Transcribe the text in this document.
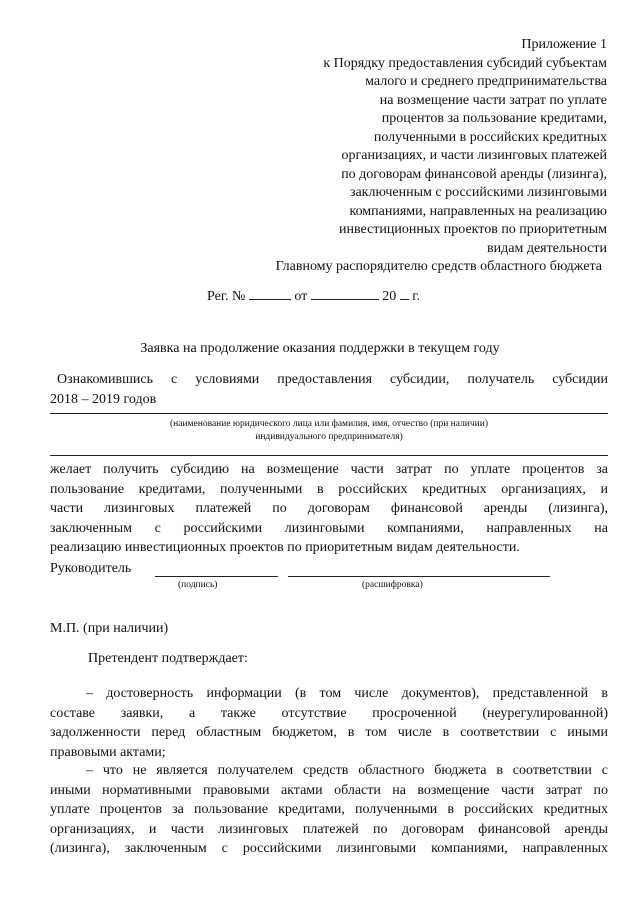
Приложение 1
к Порядку предоставления субсидий субъектам
малого и среднего предпринимательства
на возмещение части затрат по уплате
процентов за пользование кредитами,
полученными в российских кредитных
организациях, и части лизинговых платежей
по договорам финансовой аренды (лизинга),
заключенным с российскими лизинговыми
компаниями, направленных на реализацию
инвестиционных проектов по приоритетным
видам деятельности
Главному распорядителю средств областного бюджета
Рег. №	от	20 г.
Заявка на продолжение оказания поддержки в текущем году
Ознакомившись с условиями предоставления субсидии, получатель субсидии
2018 – 2019 годов
(наименование юридического лица или фамилия, имя, отчество (при наличии)
индивидуального предпринимателя)
желает получить субсидию на возмещение части затрат по уплате процентов за
пользование кредитами, полученными в российских кредитных организациях, и
части лизинговых платежей по договорам финансовой аренды (лизинга),
заключенным с российскими лизинговыми компаниями, направленных на
реализацию инвестиционных проектов по приоритетным видам деятельности.
Руководитель
(подпись)	(расшифровка)
М.П. (при наличии)
Претендент подтверждает:
– достоверность информации (в том числе документов), представленной в
составе заявки, а также отсутствие просроченной (неурегулированной)
задолженности перед областным бюджетом, в том числе в соответствии с иными
правовыми актами;
– что не является получателем средств областного бюджета в соответствии с
иными нормативными правовыми актами области на возмещение части затрат по
уплате процентов за пользование кредитами, полученными в российских кредитных
организациях, и части лизинговых платежей по договорам финансовой аренды
(лизинга), заключенным с российскими лизинговыми компаниями, направленных
